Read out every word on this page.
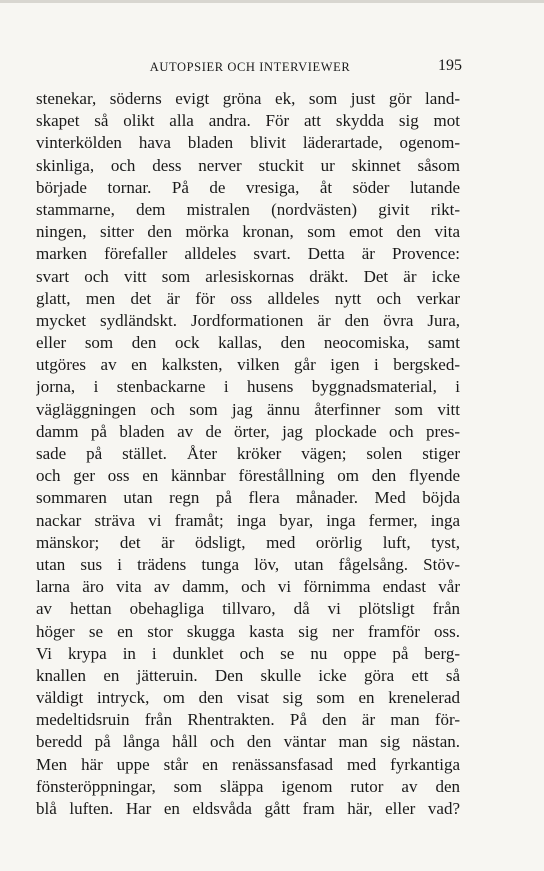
AUTOPSIER OCH INTERVIEWER	195
stenekar, söderns evigt gröna ek, som just gör land-
skapet så olikt alla andra. För att skydda sig mot
vinterkölden hava bladen blivit läderartade, ogenom-
skinliga, och dess nerver stuckit ur skinnet såsom
började tornar. På de vresiga, åt söder lutande
stammarne, dem mistralen (nordvästen) givit rikt-
ningen, sitter den mörka kronan, som emot den vita
marken förefaller alldeles svart. Detta är Provence:
svart och vitt som arlesiskornas dräkt. Det är icke
glatt, men det är för oss alldeles nytt och verkar
mycket sydländskt. Jordformationen är den övra Jura,
eller som den ock kallas, den neocomiska, samt
utgöres av en kalksten, vilken går igen i bergsked-
jorna, i stenbackarne i husens byggnadsmaterial, i
vägläggningen och som jag ännu återfinner som vitt
damm på bladen av de örter, jag plockade och pres-
sade på stället. Åter kröker vägen; solen stiger
och ger oss en kännbar förestållning om den flyende
sommaren utan regn på flera månader. Med böjda
nackar sträva vi framåt; inga byar, inga fermer, inga
mänskor; det är ödsligt, med orörlig luft, tyst,
utan sus i trädens tunga löv, utan fågelsång. Stöv-
larna äro vita av damm, och vi förnimma endast vår
av hettan obehagliga tillvaro, då vi plötsligt från
höger se en stor skugga kasta sig ner framför oss.
Vi krypa in i dunklet och se nu oppe på berg-
knallen en jätteruin. Den skulle icke göra ett så
väldigt intryck, om den visat sig som en krenelerad
medeltidsruin från Rhentrakten. På den är man för-
beredd på långa håll och den väntar man sig nästan.
Men här uppe står en renässansfasad med fyrkantiga
fönsteröppningar, som släppa igenom rutor av den
blå luften. Har en eldsvåda gått fram här, eller vad?
